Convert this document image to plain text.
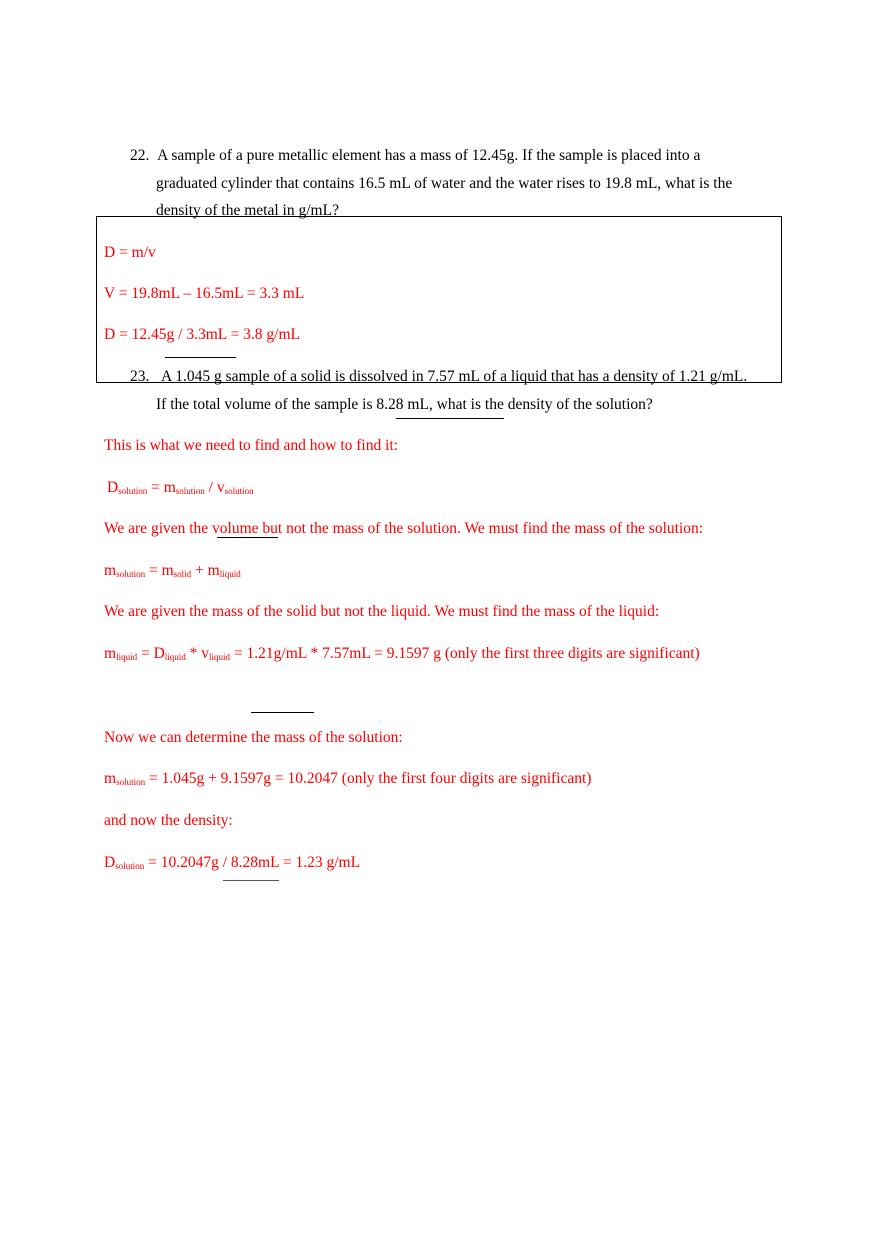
22. A sample of a pure metallic element has a mass of 12.45g. If the sample is placed into a
graduated cylinder that contains 16.5 mL of water and the water rises to 19.8 mL, what is the
density of the metal in g/mL?
D = m/v
V = 19.8mL – 16.5mL = 3.3 mL
D = 12.45g / 3.3mL = 3.8 g/mL
23. A 1.045 g sample of a solid is dissolved in 7.57 mL of a liquid that has a density of 1.21 g/mL.
If the total volume of the sample is 8.28 mL, what is the density of the solution?
This is what we need to find and how to find it:
$D_{solution} = m_{solution} / v_{solution}$
We are given the volume but not the mass of the solution. We must find the mass of the solution:
$m_{solution} = m_{solid} + m_{liquid}$
We are given the mass of the solid but not the liquid. We must find the mass of the liquid:
$m_{liquid} = D_{liquid} * v_{liquid} = 1.21g/mL * 7.57mL = 9.1597$ g (only the first three digits are significant)
Now we can determine the mass of the solution:
$m_{solution} = 1.045g + 9.1597g = 10.2047$ (only the first four digits are significant)
and now the density:
$D_{solution} = 10.2047g / 8.28mL = 1.23$ g/mL
